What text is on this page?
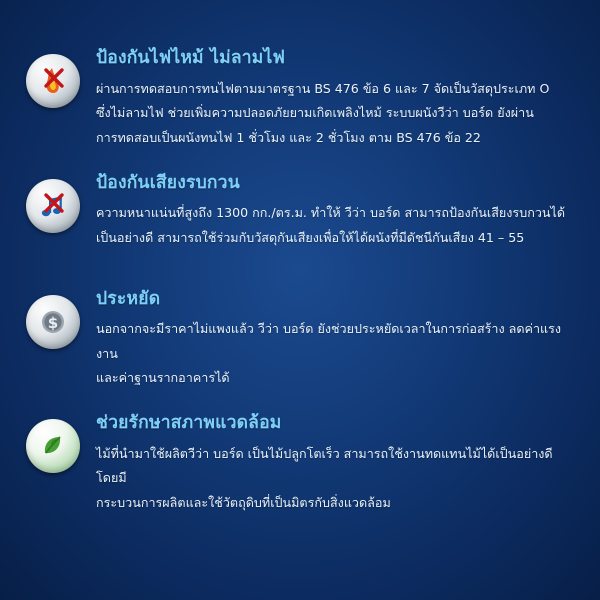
ป้องกันไฟไหม้ ไม่ลามไฟ

ผ่านการทดสอบการทนไฟตามมาตรฐาน BS 476 ข้อ 6 และ 7 จัดเป็นวัสดุประเภท O
ซึ่งไม่ลามไฟ ช่วยเพิ่มความปลอดภัยยามเกิดเพลิงไหม้ ระบบผนังวีว่า บอร์ด ยังผ่าน
การทดสอบเป็นผนังทนไฟ 1 ชั่วโมง และ 2 ชั่วโมง ตาม BS 476 ข้อ 22

ป้องกันเสียงรบกวน

ความหนาแน่นที่สูงถึง 1300 กก./ตร.ม. ทำให้ วีว่า บอร์ด สามารถป้องกันเสียงรบกวนได้
เป็นอย่างดี สามารถใช้ร่วมกับวัสดุกันเสียงเพื่อให้ได้ผนังที่มีดัชนีกันเสียง 41 – 55

$
ประหยัด

นอกจากจะมีราคาไม่แพงแล้ว วีว่า บอร์ด ยังช่วยประหยัดเวลาในการก่อสร้าง ลดค่าแรงงาน
และค่าฐานรากอาคารได้

ช่วยรักษาสภาพแวดล้อม

ไม้ที่นำมาใช้ผลิตวีว่า บอร์ด เป็นไม้ปลูกโตเร็ว สามารถใช้งานทดแทนไม้ได้เป็นอย่างดี โดยมี
กระบวนการผลิตและใช้วัตถุดิบที่เป็นมิตรกับสิ่งแวดล้อม
